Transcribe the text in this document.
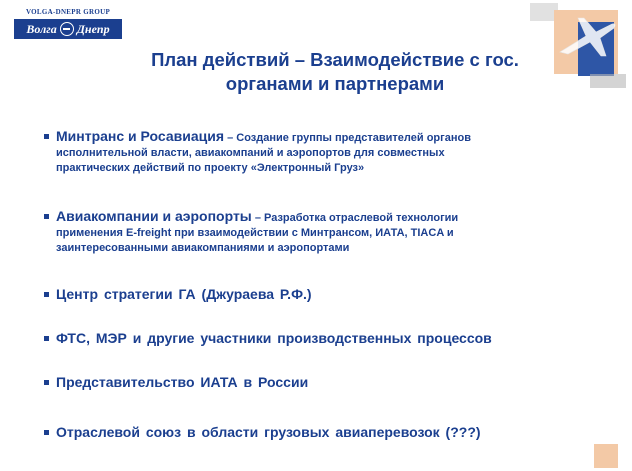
VOLGA-DNEPR GROUP
Волга Днепр
План действий – Взаимодействие с гос.
органами и партнерами
Минтранс и Росавиация – Создание группы представителей органов
исполнительной власти, авиакомпаний и аэропортов для совместных
практических действий по проекту «Электронный Груз»
Авиакомпании и аэропорты – Разработка отраслевой технологии
применения E-freight при взаимодействии с Минтрансом, ИАТА, TIACA и
заинтересованными авиакомпаниями и аэропортами
Центр стратегии ГА (Джураева Р.Ф.)
ФТС, МЭР и другие участники производственных процессов
Представительство ИАТА в России
Отраслевой союз в области грузовых авиаперевозок (???)
